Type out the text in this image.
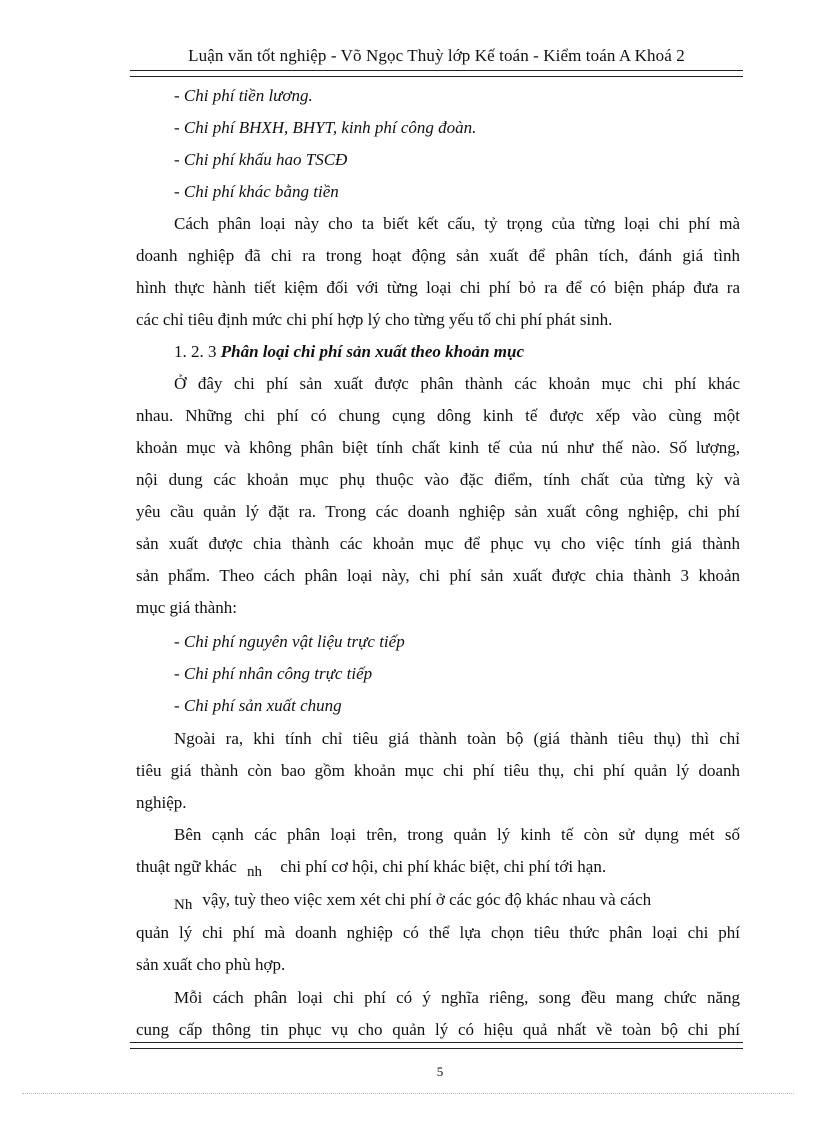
Luận văn tốt nghiệp - Võ Ngọc Thuỳ lớp Kế toán - Kiểm toán A Khoá 2
- Chi phí tiền lương.
- Chi phí BHXH, BHYT, kinh phí công đoàn.
- Chi phí khấu hao TSCĐ
- Chi phí khác bằng tiền
Cách phân loại này cho ta biết kết cấu, tỷ trọng của từng loại chi phí mà
doanh nghiệp đã chi ra trong hoạt động sản xuất để phân tích, đánh giá tình
hình thực hành tiết kiệm đối với từng loại chi phí bỏ ra để có biện pháp đưa ra
các chỉ tiêu định mức chi phí hợp lý cho từng yếu tố chi phí phát sinh.
1. 2. 3 Phân loại chi phí sản xuất theo khoản mục
Ở đây chi phí sản xuất được phân thành các khoản mục chi phí khác
nhau. Những chi phí có chung cụng dông kinh tế được xếp vào cùng một
khoản mục và không phân biệt tính chất kinh tế của nú như thế nào. Số lượng,
nội dung các khoản mục phụ thuộc vào đặc điểm, tính chất của từng kỳ và
yêu cầu quản lý đặt ra. Trong các doanh nghiệp sản xuất công nghiệp, chi phí
sản xuất được chia thành các khoản mục để phục vụ cho việc tính giá thành
sản phẩm. Theo cách phân loại này, chi phí sản xuất được chia thành 3 khoản
mục giá thành:
- Chi phí nguyên vật liệu trực tiếp
- Chi phí nhân công trực tiếp
- Chi phí sản xuất chung
Ngoài ra, khi tính chỉ tiêu giá thành toàn bộ (giá thành tiêu thụ) thì chỉ
tiêu giá thành còn bao gồm khoản mục chi phí tiêu thụ, chi phí quản lý doanh
nghiệp.
Bên cạnh các phân loại trên, trong quản lý kinh tế còn sử dụng mét số
thuật ngữ khác nh chi phí cơ hội, chi phí khác biệt, chi phí tới hạn.
Nh vậy, tuỳ theo việc xem xét chi phí ở các góc độ khác nhau và cách
quản lý chi phí mà doanh nghiệp có thể lựa chọn tiêu thức phân loại chi phí
sản xuất cho phù hợp.
Mỗi cách phân loại chi phí có ý nghĩa riêng, song đều mang chức năng
cung cấp thông tin phục vụ cho quản lý có hiệu quả nhất về toàn bộ chi phí
5
